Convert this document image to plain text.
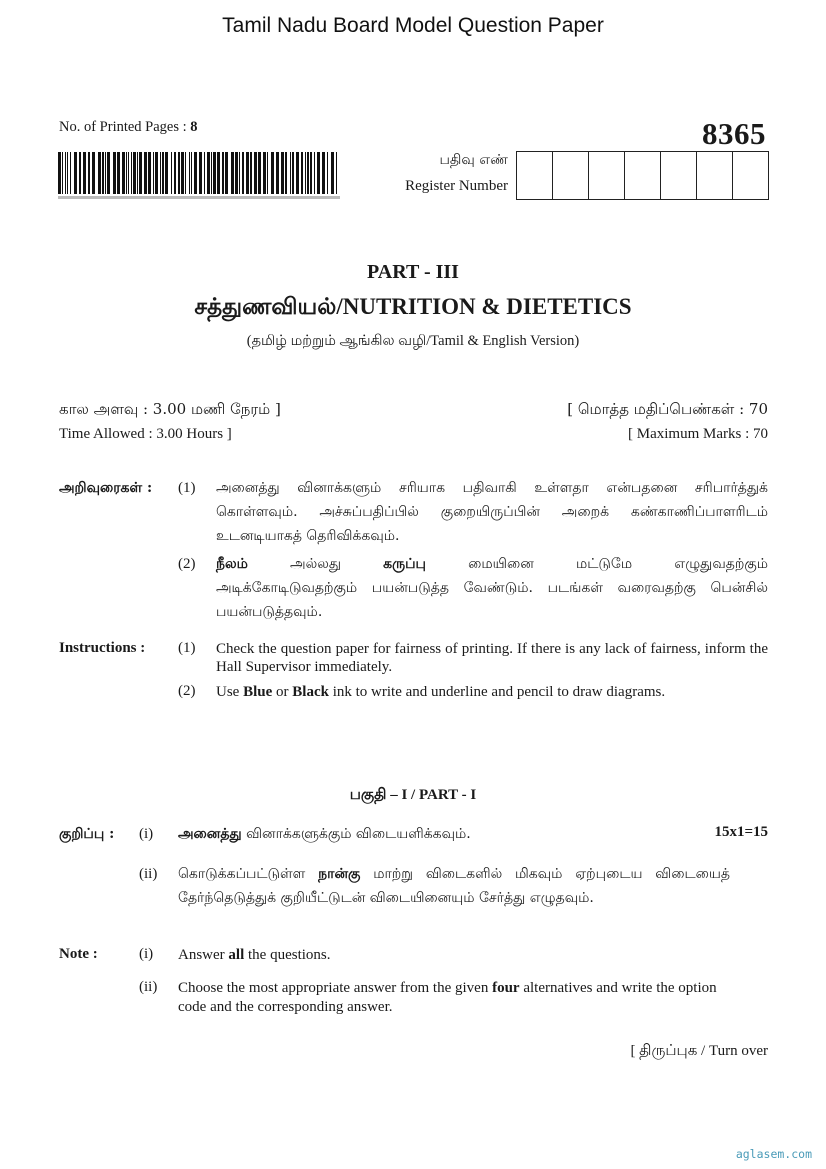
Tamil Nadu Board Model Question Paper
No. of Printed Pages : 8	8365
பதிவு எண்
Register Number
PART - III
சத்துணவியல்/NUTRITION & DIETETICS
(தமிழ் மற்றும் ஆங்கில வழி/Tamil & English Version)
கால அளவு : 3.00 மணி நேரம் ]	[ மொத்த மதிப்பெண்கள் : 70
Time Allowed : 3.00 Hours ]	[ Maximum Marks : 70
அறிவுரைகள் : (1) அனைத்து வினாக்களும் சரியாக பதிவாகி உள்ளதா என்பதனை சரிபார்த்துக் கொள்ளவும். அச்சுப்பதிப்பில் குறையிருப்பின் அறைக் கண்காணிப்பாளரிடம் உடனடியாகத் தெரிவிக்கவும்.
(2) நீலம் அல்லது கருப்பு மையினை மட்டுமே எழுதுவதற்கும்
அடிக்கோடிடுவதற்கும் பயன்படுத்த வேண்டும். படங்கள் வரைவதற்கு பென்சில் பயன்படுத்தவும்.
Instructions : (1) Check the question paper for fairness of printing. If there is any lack of fairness, inform the Hall Supervisor immediately.
(2) Use Blue or Black ink to write and underline and pencil to draw diagrams.
பகுதி – I / PART - I
குறிப்பு : (i) அனைத்து வினாக்களுக்கும் விடையளிக்கவும்.	15x1=15
(ii) கொடுக்கப்பட்டுள்ள நான்கு மாற்று விடைகளில் மிகவும் ஏற்புடைய விடையைத் தேர்ந்தெடுத்துக் குறியீட்டுடன் விடையினையும் சேர்த்து எழுதவும்.
Note :	(i) Answer all the questions.
(ii) Choose the most appropriate answer from the given four alternatives and write the option code and the corresponding answer.
[ திருப்புக / Turn over
aglasem.com
